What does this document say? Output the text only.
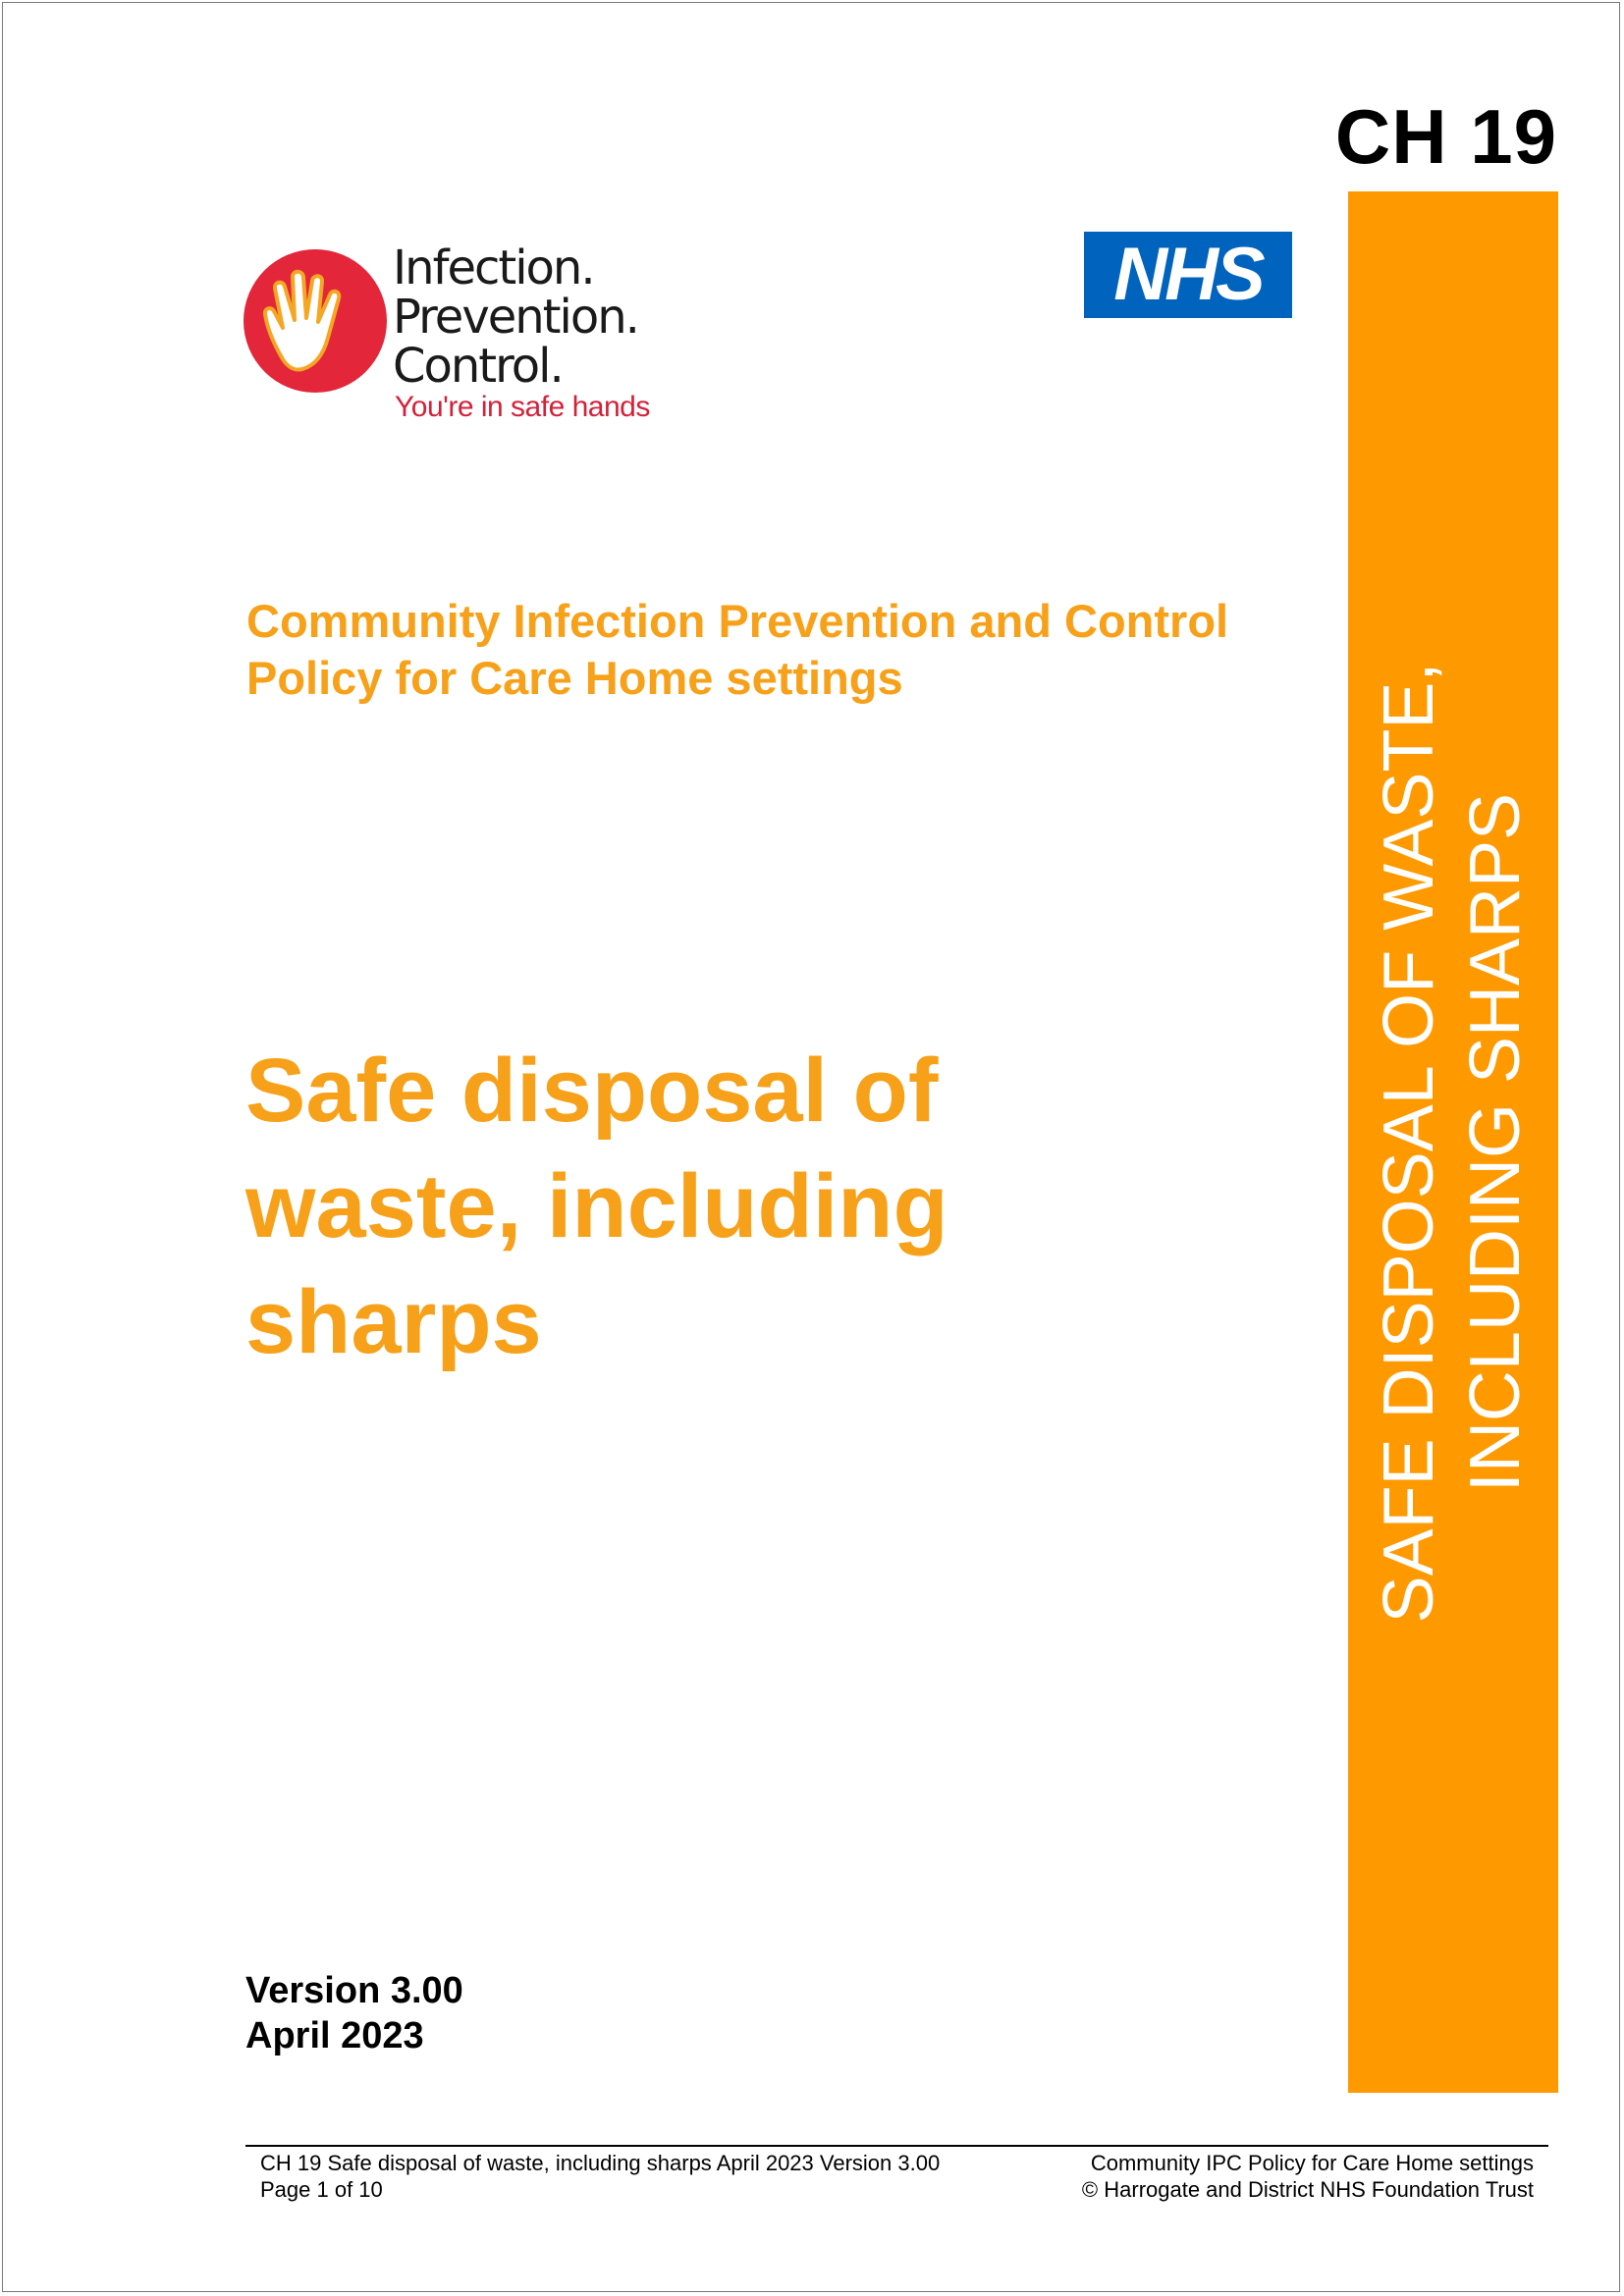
CH 19
SAFE DISPOSAL OF WASTE, INCLUDING SHARPS
Infection.
Prevention.
Control.
You're in safe hands
NHS
Community Infection Prevention and Control
Policy for Care Home settings
Safe disposal of
waste, including
sharps
Version 3.00
April 2023
CH 19 Safe disposal of waste, including sharps April 2023 Version 3.00
Page 1 of 10
Community IPC Policy for Care Home settings
© Harrogate and District NHS Foundation Trust
